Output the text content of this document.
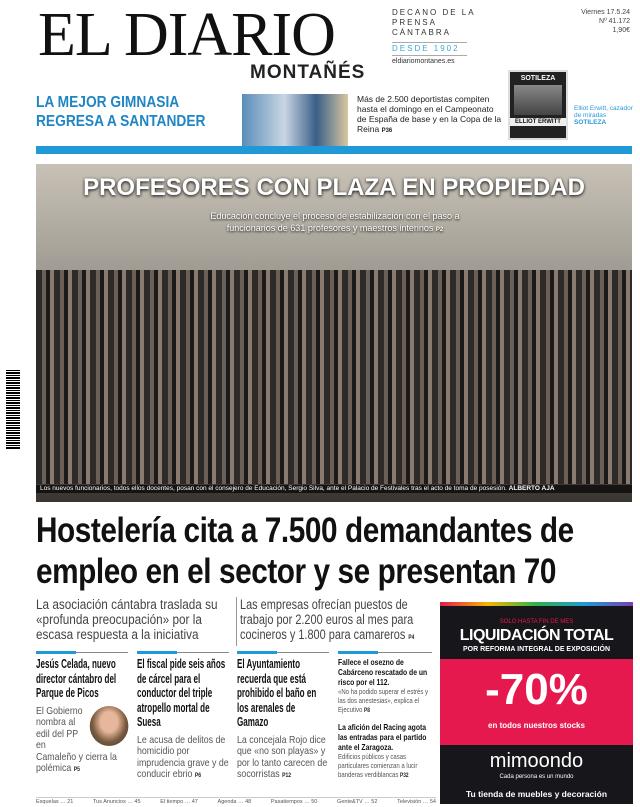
EL DIARIO
MONTAÑÉS
DECANO DE LA PRENSA CÁNTABRA
DESDE 1902
eldiariomontanes.es
Viernes 17.5.24
Nº 41.172
1,90€
LA MEJOR GIMNASIA REGRESA A SANTANDER
Más de 2.500 deportistas compiten hasta el domingo en el Campeonato de España de base y en la Copa de la Reina P36
SOTILEZA
ELLIOT ERWITT
Elliot Erwitt, cazador de miradas
SOTILEZA
PROFESORES CON PLAZA EN PROPIEDAD
Educación concluye el proceso de estabilización con el paso a funcionarios de 631 profesores y maestros interinos P2
Los nuevos funcionarios, todos ellos docentes, posan con el consejero de Educación, Sergio Silva, ante el Palacio de Festivales tras el acto de toma de posesión. ALBERTO AJA
Hostelería cita a 7.500 demandantes de empleo en el sector y se presentan 70
La asociación cántabra traslada su «profunda preocupación» por la escasa respuesta a la iniciativa
Las empresas ofrecían puestos de trabajo por 2.200 euros al mes para cocineros y 1.800 para camareros P4
Jesús Celada, nuevo director cántabro del Parque de Picos
El Gobierno nombra al edil del PP en Camaleño y cierra la polémica P5
El fiscal pide seis años de cárcel para el conductor del triple atropello mortal de Suesa
Le acusa de delitos de homicidio por imprudencia grave y de conducir ebrio P6
El Ayuntamiento recuerda que está prohibido el baño en los arenales de Gamazo
La concejala Rojo dice que «no son playas» y por lo tanto carecen de socorristas P12
Fallece el osezno de Cabárceno rescatado de un risco por el 112.

«No ha podido superar el estrés y las dos anestesias», explica el Ejecutivo P8

La afición del Racing agota las entradas para el partido ante el Zaragoza.

Edificios públicos y casas particulares comienzan a lucir banderas verdiblancas P32

Esquelas … 21	Tus Anuncios … 45	El tiempo … 47	Agenda … 48	Pasatiempos … 50	Gente&TV … 52	Televisión … 54
SOLO HASTA FIN DE MES
LIQUIDACIÓN TOTAL
POR REFORMA INTEGRAL DE EXPOSICIÓN
-70%
en todos nuestros stocks
mimoondo
Cada persona es un mundo
Tu tienda de muebles y decoración
